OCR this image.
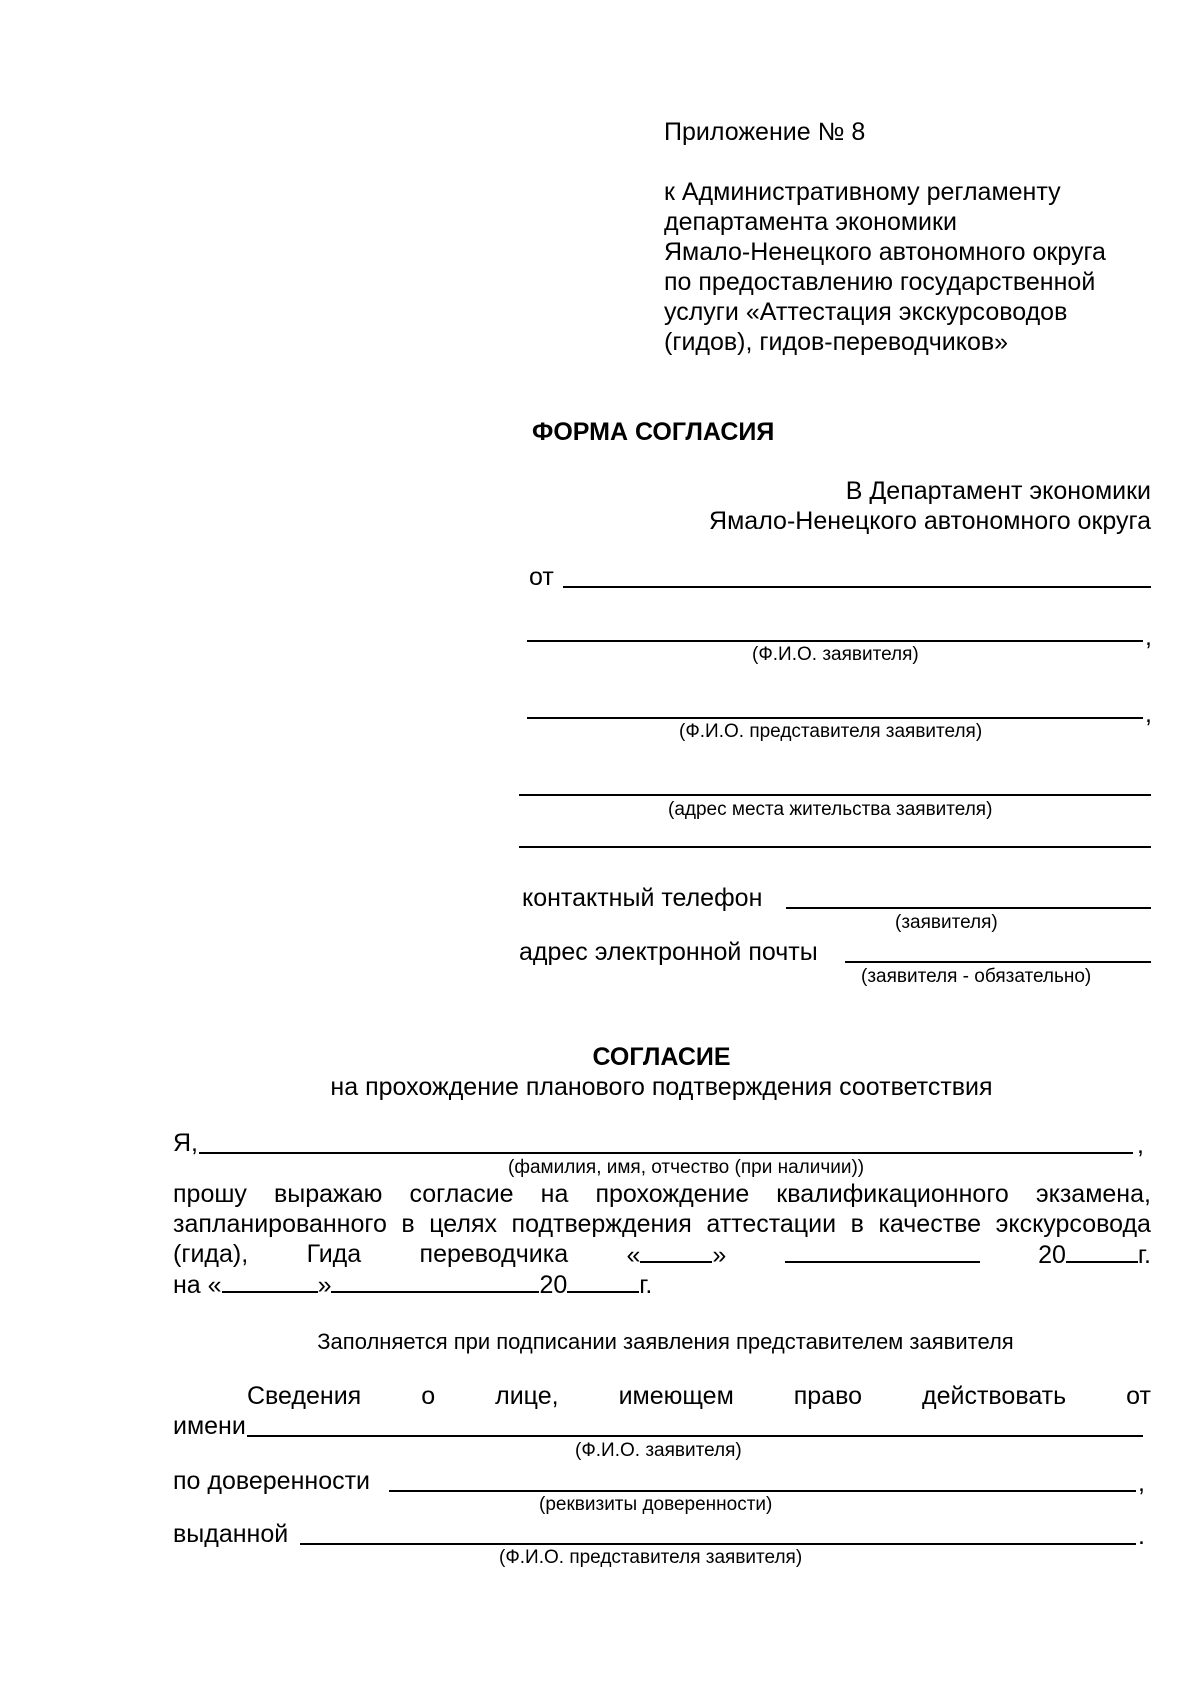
Приложение № 8
к Административному регламенту
департамента экономики
Ямало-Ненецкого автономного округа
по предоставлению государственной
услуги «Аттестация экскурсоводов
(гидов), гидов-переводчиков»
ФОРМА СОГЛАСИЯ
В Департамент экономики
Ямало-Ненецкого автономного округа
от
,
(Ф.И.О. заявителя)
,
(Ф.И.О. представителя заявителя)
(адрес места жительства заявителя)
контактный телефон
(заявителя)
адрес электронной почты
(заявителя - обязательно)
СОГЛАСИЕ
на прохождение планового подтверждения соответствия
Я,	,
(фамилия, имя, отчество (при наличии))
прошу выражаю согласие на прохождение квалификационного экзамена,
запланированного в целях подтверждения аттестации в качестве экскурсовода
(гида), Гида переводчика «	»	20	г.
на «	»	20	г.
Заполняется при подписании заявления представителем заявителя
Сведения о лице, имеющем право действовать от
имени
(Ф.И.О. заявителя)
по доверенности	,
(реквизиты доверенности)
выданной	.
(Ф.И.О. представителя заявителя)
